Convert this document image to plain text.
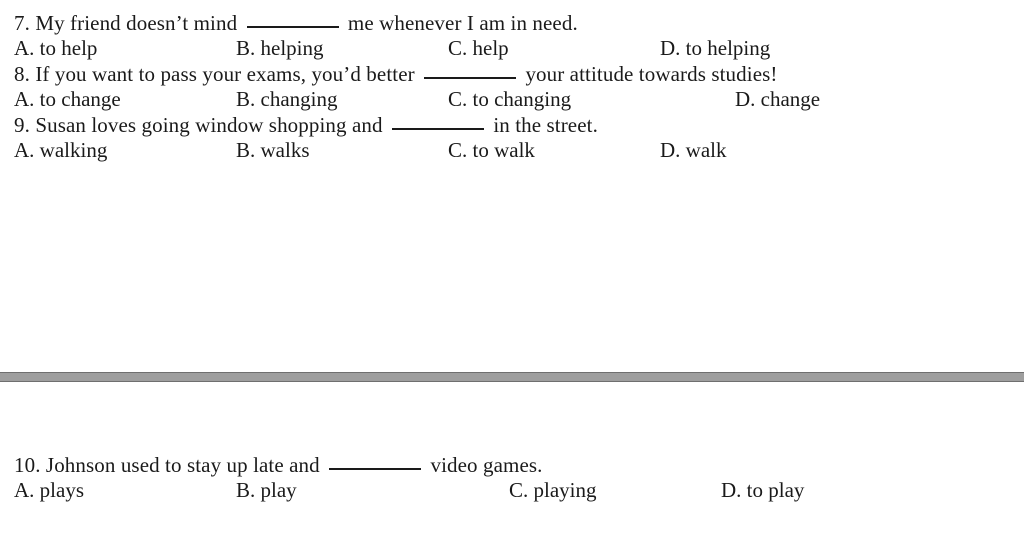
7. My friend doesn’t mind	me whenever I am in need.

A. to help	B. helping	C. help	D. to helping

8. If you want to pass your exams, you’d better	your attitude towards studies!

A. to change	B. changing	C. to changing	D. change

9. Susan loves going window shopping and	in the street.

A. walking	B. walks	C. to walk	D. walk

10. Johnson used to stay up late and	video games.

A. plays	B. play	C. playing	D. to play
